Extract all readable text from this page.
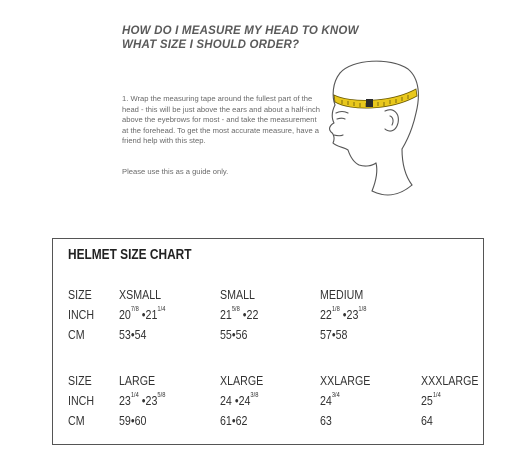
HOW DO I MEASURE MY HEAD TO KNOW WHAT SIZE I SHOULD ORDER?
1. Wrap the measuring tape around the fullest part of the head - this will be just above the ears and about a half-inch above the eyebrows for most - and take the measurement at the forehead. To get the most accurate measure, have a friend help with this step.
Please use this as a guide only.
HELMET SIZE CHART
SIZE
INCH
CM
XSMALL
$20^{7/8}$ $•21^{1/4}$
53•54
SMALL
$21^{5/8}$ •22
55•56
MEDIUM
$22^{1/8}$ $•23^{1/8}$
57•58
SIZE
INCH
CM
LARGE
$23^{1/4}$ $•23^{5/8}$
59•60
XLARGE
24 $•24^{3/8}$
61•62
XXLARGE
$24^{3/4}$
63
XXXLARGE
$25^{1/4}$
64
